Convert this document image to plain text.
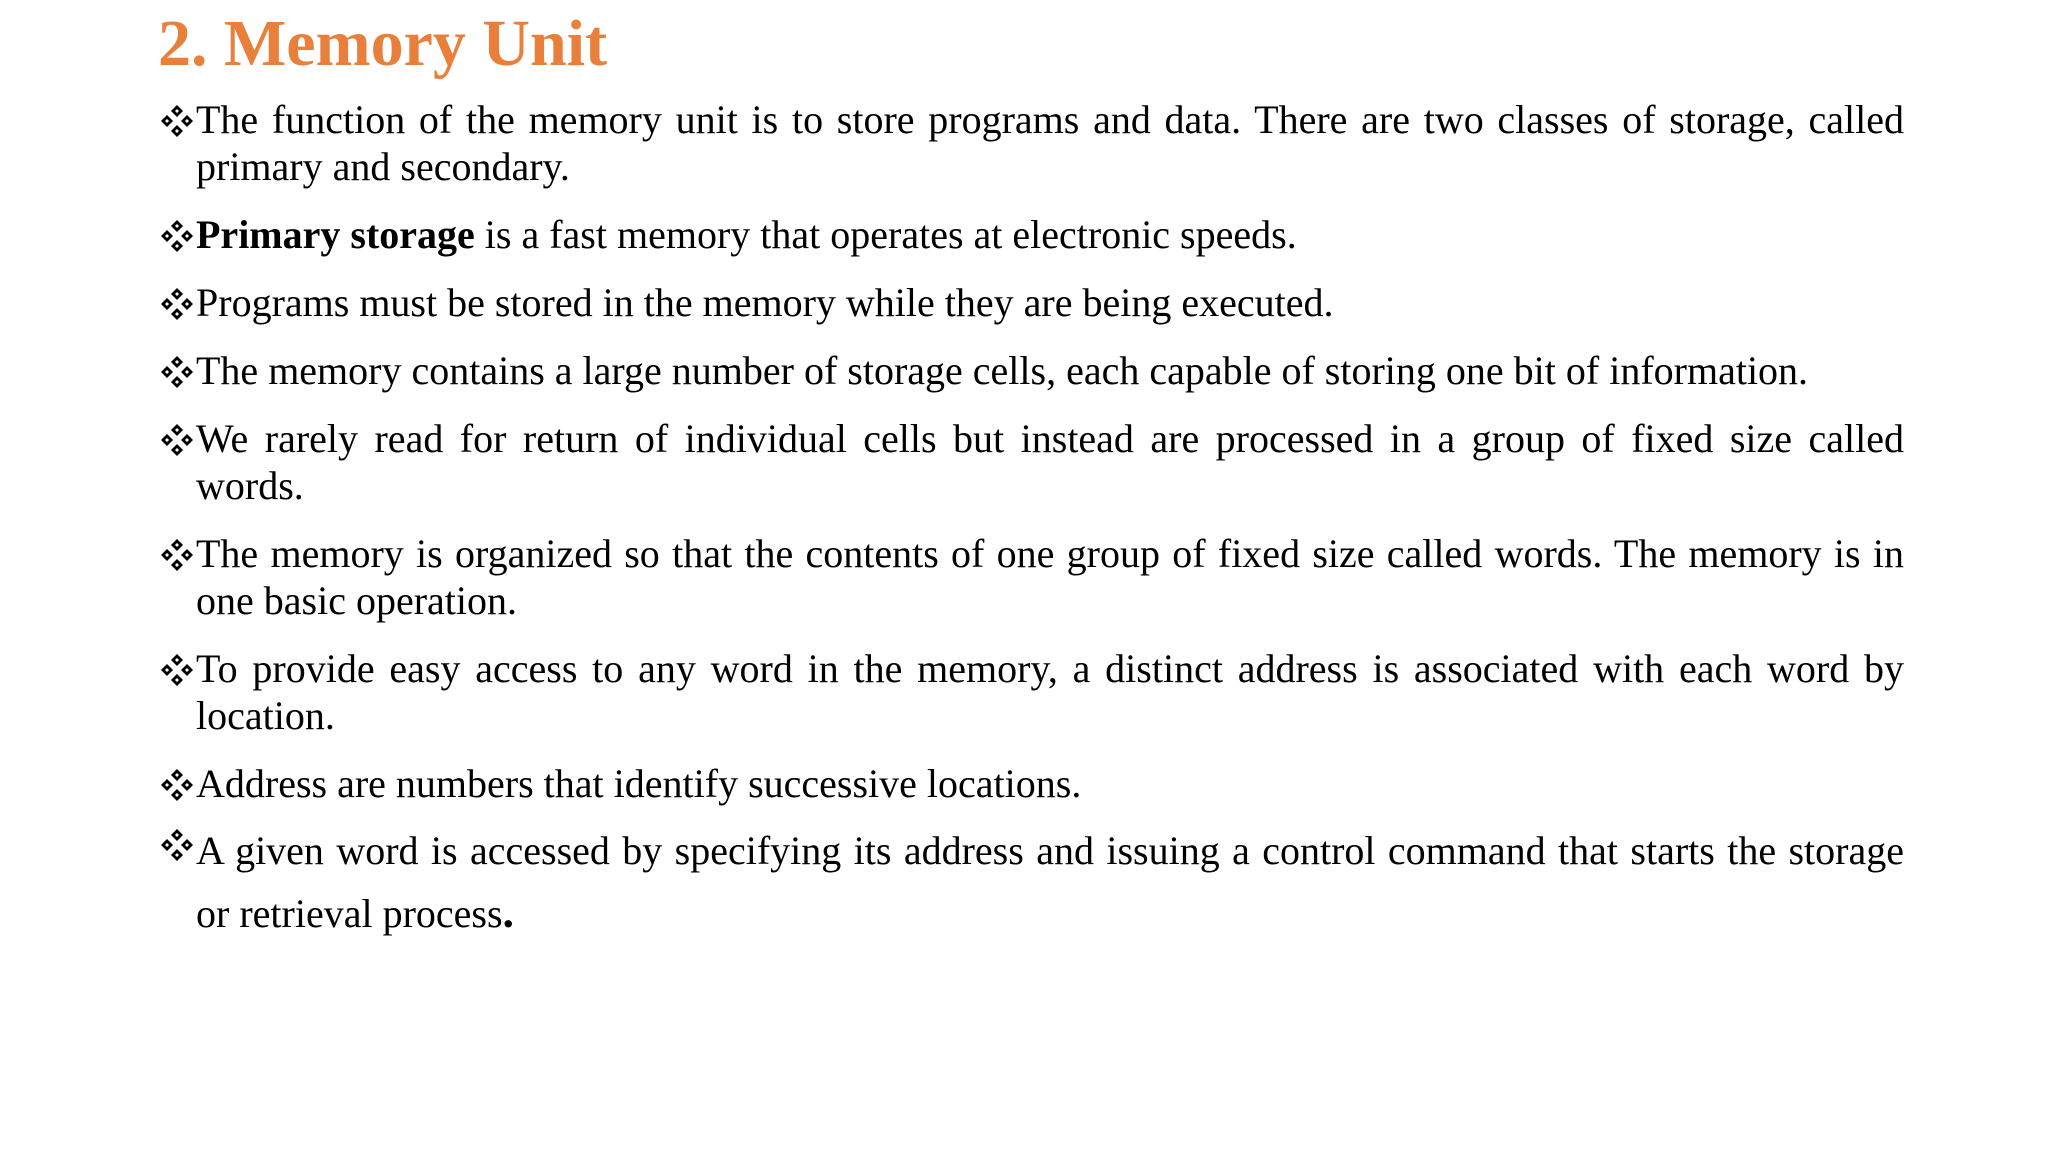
2. Memory Unit
The function of the memory unit is to store programs and data. There are two classes of storage, called primary and secondary.
Primary storage is a fast memory that operates at electronic speeds.
Programs must be stored in the memory while they are being executed.
The memory contains a large number of storage cells, each capable of storing one bit of information.
We rarely read for return of individual cells but instead are processed in a group of fixed size called words.
The memory is organized so that the contents of one group of fixed size called words. The memory is in one basic operation.
To provide easy access to any word in the memory, a distinct address is associated with each word by location.
Address are numbers that identify successive locations.
A given word is accessed by specifying its address and issuing a control command that starts the storage or retrieval process.
